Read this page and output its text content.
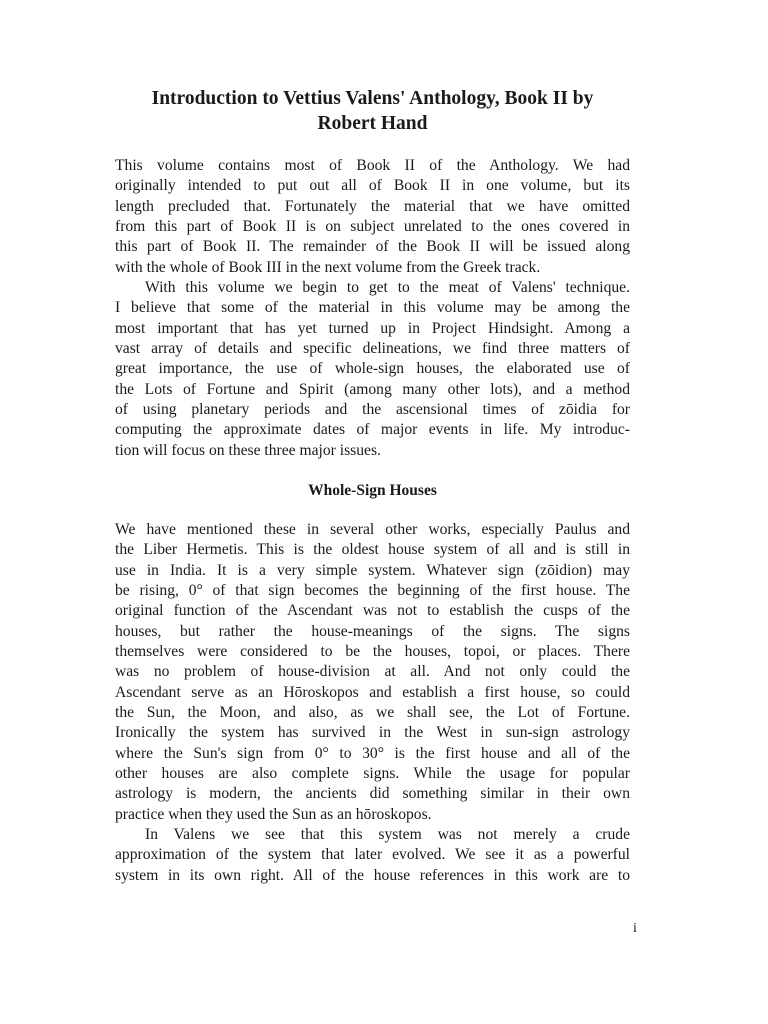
Introduction to Vettius Valens' Anthology, Book II by
Robert Hand
This volume contains most of Book II of the Anthology. We had
originally intended to put out all of Book II in one volume, but its
length precluded that. Fortunately the material that we have omitted
from this part of Book II is on subject unrelated to the ones covered in
this part of Book II. The remainder of the Book II will be issued along
with the whole of Book III in the next volume from the Greek track.
With this volume we begin to get to the meat of Valens' technique.
I believe that some of the material in this volume may be among the
most important that has yet turned up in Project Hindsight. Among a
vast array of details and specific delineations, we find three matters of
great importance, the use of whole-sign houses, the elaborated use of
the Lots of Fortune and Spirit (among many other lots), and a method
of using planetary periods and the ascensional times of zōidia for
computing the approximate dates of major events in life. My introduc-
tion will focus on these three major issues.
Whole-Sign Houses
We have mentioned these in several other works, especially Paulus and
the Liber Hermetis. This is the oldest house system of all and is still in
use in India. It is a very simple system. Whatever sign (zōidion) may
be rising, 0° of that sign becomes the beginning of the first house. The
original function of the Ascendant was not to establish the cusps of the
houses, but rather the house-meanings of the signs. The signs
themselves were considered to be the houses, topoi, or places. There
was no problem of house-division at all. And not only could the
Ascendant serve as an Hōroskopos and establish a first house, so could
the Sun, the Moon, and also, as we shall see, the Lot of Fortune.
Ironically the system has survived in the West in sun-sign astrology
where the Sun's sign from 0° to 30° is the first house and all of the
other houses are also complete signs. While the usage for popular
astrology is modern, the ancients did something similar in their own
practice when they used the Sun as an hōroskopos.
In Valens we see that this system was not merely a crude
approximation of the system that later evolved. We see it as a powerful
system in its own right. All of the house references in this work are to
i
